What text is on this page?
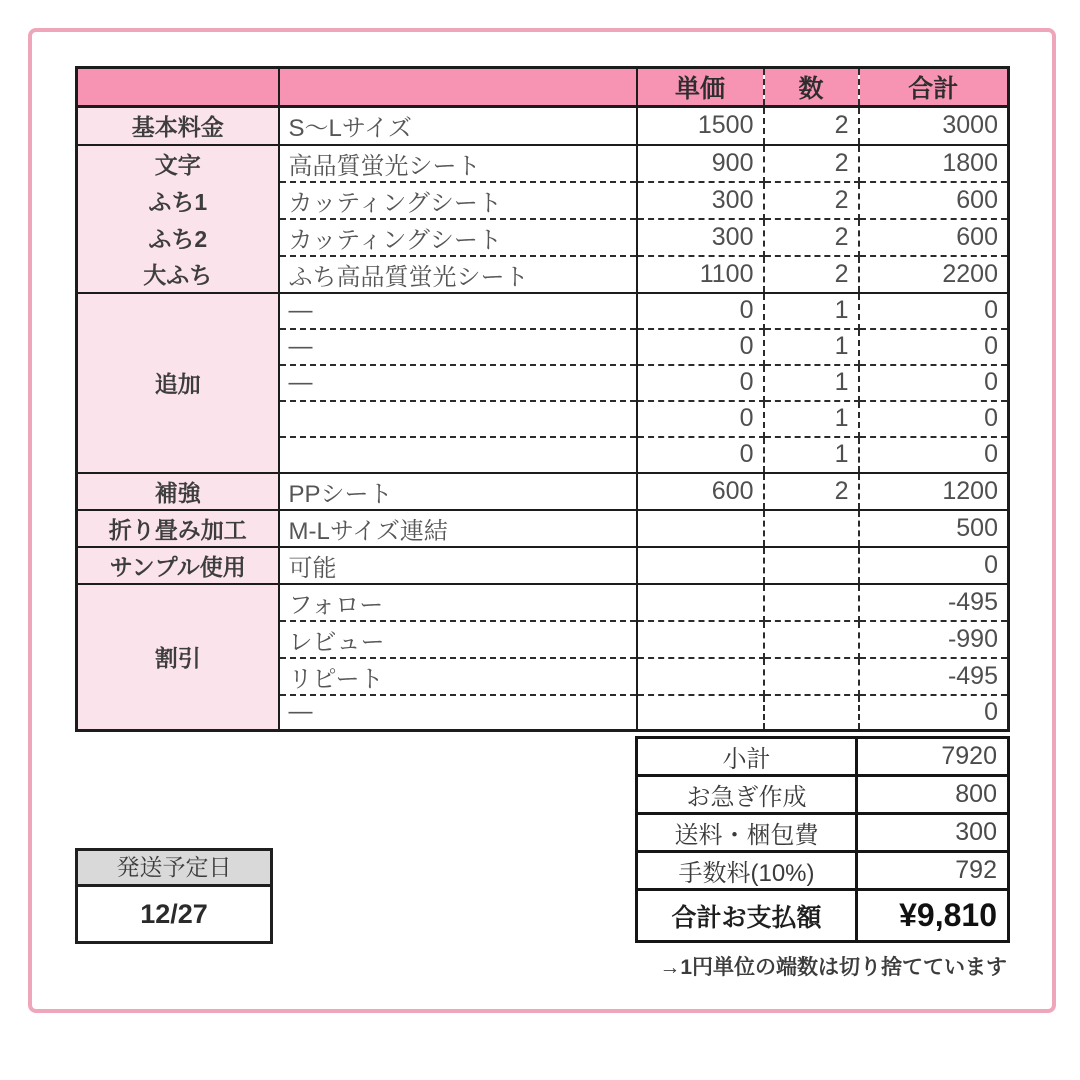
		単価	数	合計
基本料金	S〜Lサイズ	1500	2	3000
文字	高品質蛍光シート	900	2	1800
ふち1	カッティングシート	300	2	600
ふち2	カッティングシート	300	2	600
大ふち	ふち高品質蛍光シート	1100	2	2200
追加	—	0	1	0
	—	0	1	0
	—	0	1	0
		0	1	0
		0	1	0
補強	PPシート	600	2	1200
折り畳み加工	M-Lサイズ連結			500
サンプル使用	可能			0
割引	フォロー			-495
	レビュー			-990
	リピート			-495
	—			0
小計	7920
お急ぎ作成	800
送料・梱包費	300
手数料(10%)	792
合計お支払額	¥9,810
→1円単位の端数は切り捨てています
発送予定日
12/27
